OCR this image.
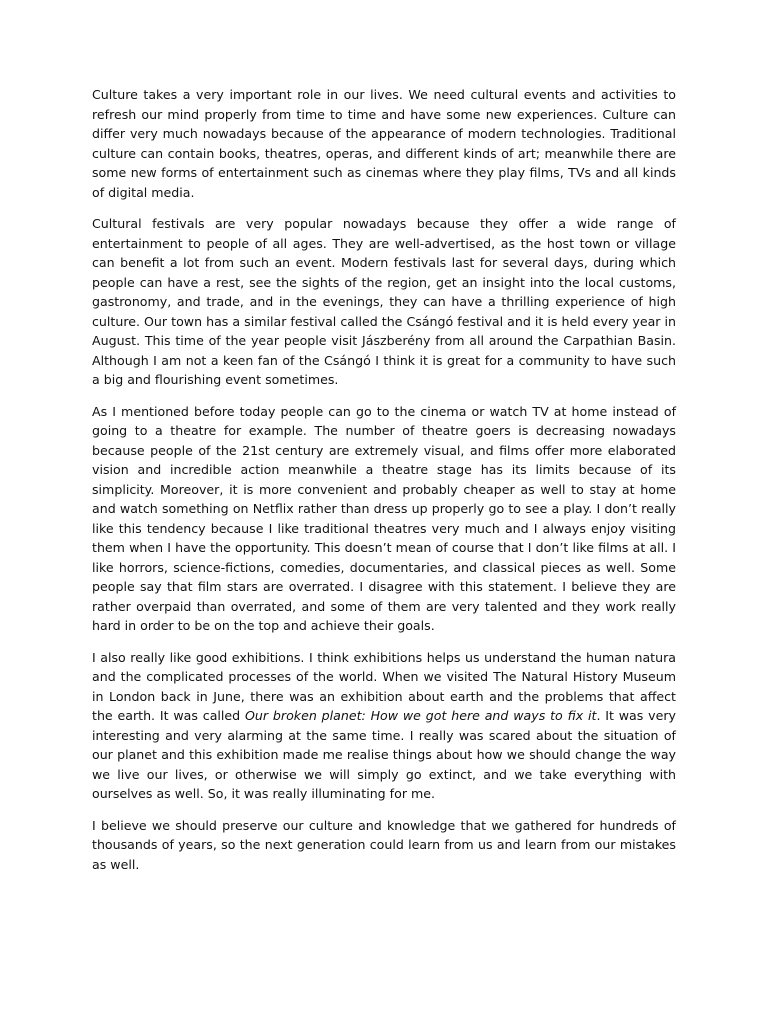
Culture takes a very important role in our lives. We need cultural events and activities to refresh our mind properly from time to time and have some new experiences. Culture can differ very much nowadays because of the appearance of modern technologies. Traditional culture can contain books, theatres, operas, and different kinds of art; meanwhile there are some new forms of entertainment such as cinemas where they play films, TVs and all kinds of digital media.

Cultural festivals are very popular nowadays because they offer a wide range of entertainment to people of all ages. They are well-advertised, as the host town or village can benefit a lot from such an event. Modern festivals last for several days, during which people can have a rest, see the sights of the region, get an insight into the local customs, gastronomy, and trade, and in the evenings, they can have a thrilling experience of high culture. Our town has a similar festival called the Csángó festival and it is held every year in August. This time of the year people visit Jászberény from all around the Carpathian Basin. Although I am not a keen fan of the Csángó I think it is great for a community to have such a big and flourishing event sometimes.

As I mentioned before today people can go to the cinema or watch TV at home instead of going to a theatre for example. The number of theatre goers is decreasing nowadays because people of the 21st century are extremely visual, and films offer more elaborated vision and incredible action meanwhile a theatre stage has its limits because of its simplicity. Moreover, it is more convenient and probably cheaper as well to stay at home and watch something on Netflix rather than dress up properly go to see a play. I don’t really like this tendency because I like traditional theatres very much and I always enjoy visiting them when I have the opportunity. This doesn’t mean of course that I don’t like films at all. I like horrors, science-fictions, comedies, documentaries, and classical pieces as well. Some people say that film stars are overrated. I disagree with this statement. I believe they are rather overpaid than overrated, and some of them are very talented and they work really hard in order to be on the top and achieve their goals.

I also really like good exhibitions. I think exhibitions helps us understand the human natura and the complicated processes of the world. When we visited The Natural History Museum in London back in June, there was an exhibition about earth and the problems that affect the earth. It was called Our broken planet: How we got here and ways to fix it. It was very interesting and very alarming at the same time. I really was scared about the situation of our planet and this exhibition made me realise things about how we should change the way we live our lives, or otherwise we will simply go extinct, and we take everything with ourselves as well. So, it was really illuminating for me.

I believe we should preserve our culture and knowledge that we gathered for hundreds of thousands of years, so the next generation could learn from us and learn from our mistakes as well.
